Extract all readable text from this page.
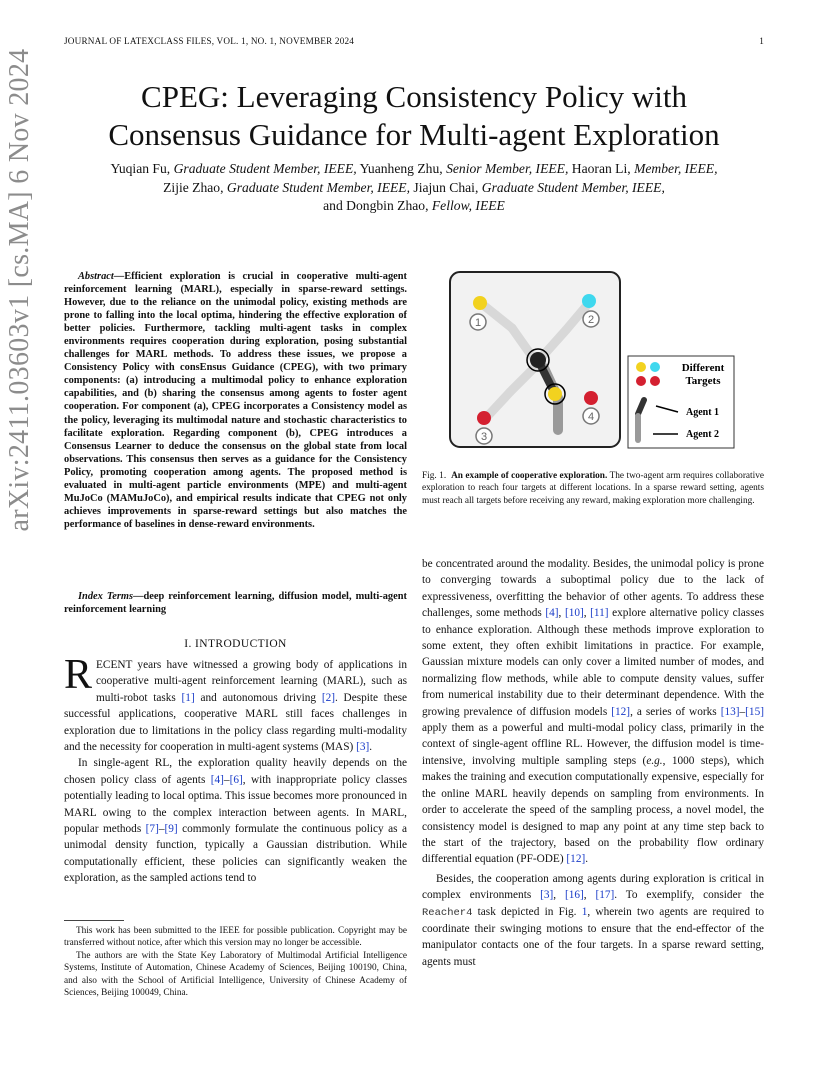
JOURNAL OF LATEXCLASS FILES, VOL. 1, NO. 1, NOVEMBER 2024	1
CPEG: Leveraging Consistency Policy with
Consensus Guidance for Multi-agent Exploration
Yuqian Fu, Graduate Student Member, IEEE, Yuanheng Zhu, Senior Member, IEEE, Haoran Li, Member, IEEE,
Zijie Zhao, Graduate Student Member, IEEE, Jiajun Chai, Graduate Student Member, IEEE,
and Dongbin Zhao, Fellow, IEEE
arXiv:2411.03603v1 [cs.MA] 6 Nov 2024	Abstract—Efficient exploration is crucial in cooperative multi-agent reinforcement learning (MARL), especially in sparse-reward settings. However, due to the reliance on the unimodal policy, existing methods are prone to falling into the local optima, hindering the effective exploration of better policies. Furthermore, tackling multi-agent tasks in complex environments requires cooperation during exploration, posing substantial challenges for MARL methods. To address these issues, we propose a Consistency Policy with consEnsus Guidance (CPEG), with two primary components: (a) introducing a multimodal policy to enhance exploration capabilities, and (b) sharing the consensus among agents to foster agent cooperation. For component (a), CPEG incorporates a Consistency model as the policy, leveraging its multimodal nature and stochastic characteristics to facilitate exploration. Regarding component (b), CPEG introduces a Consensus Learner to deduce the consensus on the global state from local observations. This consensus then serves as a guidance for the Consistency Policy, promoting cooperation among agents. The proposed method is evaluated in multi-agent particle environments (MPE) and multi-agent MuJoCo (MAMuJoCo), and empirical results indicate that CPEG not only achieves improvements in sparse-reward settings but also matches the performance of baselines in dense-reward environments.
Index Terms—deep reinforcement learning, diffusion model, multi-agent reinforcement learning
I. INTRODUCTION

RECENT years have witnessed a growing body of applications in cooperative multi-agent reinforcement learning (MARL), such as multi-robot tasks [1] and autonomous driving [2]. Despite these successful applications, cooperative MARL still faces challenges in exploration due to limitations in the policy class regarding multi-modality and the necessity for cooperation in multi-agent systems (MAS) [3].

In single-agent RL, the exploration quality heavily depends on the chosen policy class of agents [4]–[6], with inappropriate policy classes potentially leading to local optima. This issue becomes more pronounced in MARL owing to the complex interaction between agents. In MARL, popular methods [7]–[9] commonly formulate the continuous policy as a unimodal density function, typically a Gaussian distribution. While computationally efficient, these policies can significantly weaken the exploration, as the sampled actions tend to

This work has been submitted to the IEEE for possible publication. Copyright may be transferred without notice, after which this version may no longer be accessible.

The authors are with the State Key Laboratory of Multimodal Artificial Intelligence Systems, Institute of Automation, Chinese Academy of Sciences, Beijing 100190, China, and also with the School of Artificial Intelligence, University of Chinese Academy of Sciences, Beijing 100049, China.

1	2
3
4
Different
Targets
Agent 1
Agent 2
Fig. 1. An example of cooperative exploration. The two-agent arm requires collaborative exploration to reach four targets at different locations. In a sparse reward setting, agents must reach all targets before receiving any reward, making exploration more challenging.

be concentrated around the modality. Besides, the unimodal policy is prone to converging towards a suboptimal policy due to the lack of expressiveness, overfitting the behavior of other agents. To address these challenges, some methods [4], [10], [11] explore alternative policy classes to enhance exploration. Although these methods improve exploration to some extent, they often exhibit limitations in practice. For example, Gaussian mixture models can only cover a limited number of modes, and normalizing flow methods, while able to compute density values, suffer from numerical instability due to their determinant dependence. With the growing prevalence of diffusion models [12], a series of works [13]–[15] apply them as a powerful and multi-modal policy class, primarily in the context of single-agent offline RL. However, the diffusion model is time-intensive, involving multiple sampling steps (e.g., 1000 steps), which makes the training and execution computationally expensive, especially for the online MARL heavily depends on sampling from environments. In order to accelerate the speed of the sampling process, a novel model, the consistency model is designed to map any point at any time step back to the start of the trajectory, based on the probability flow ordinary differential equation (PF-ODE) [12].

Besides, the cooperation among agents during exploration is critical in complex environments [3], [16], [17]. To exemplify, consider the Reacher4 task depicted in Fig. 1, wherein two agents are required to coordinate their swinging motions to ensure that the end-effector of the manipulator contacts one of the four targets. In a sparse reward setting, agents must
